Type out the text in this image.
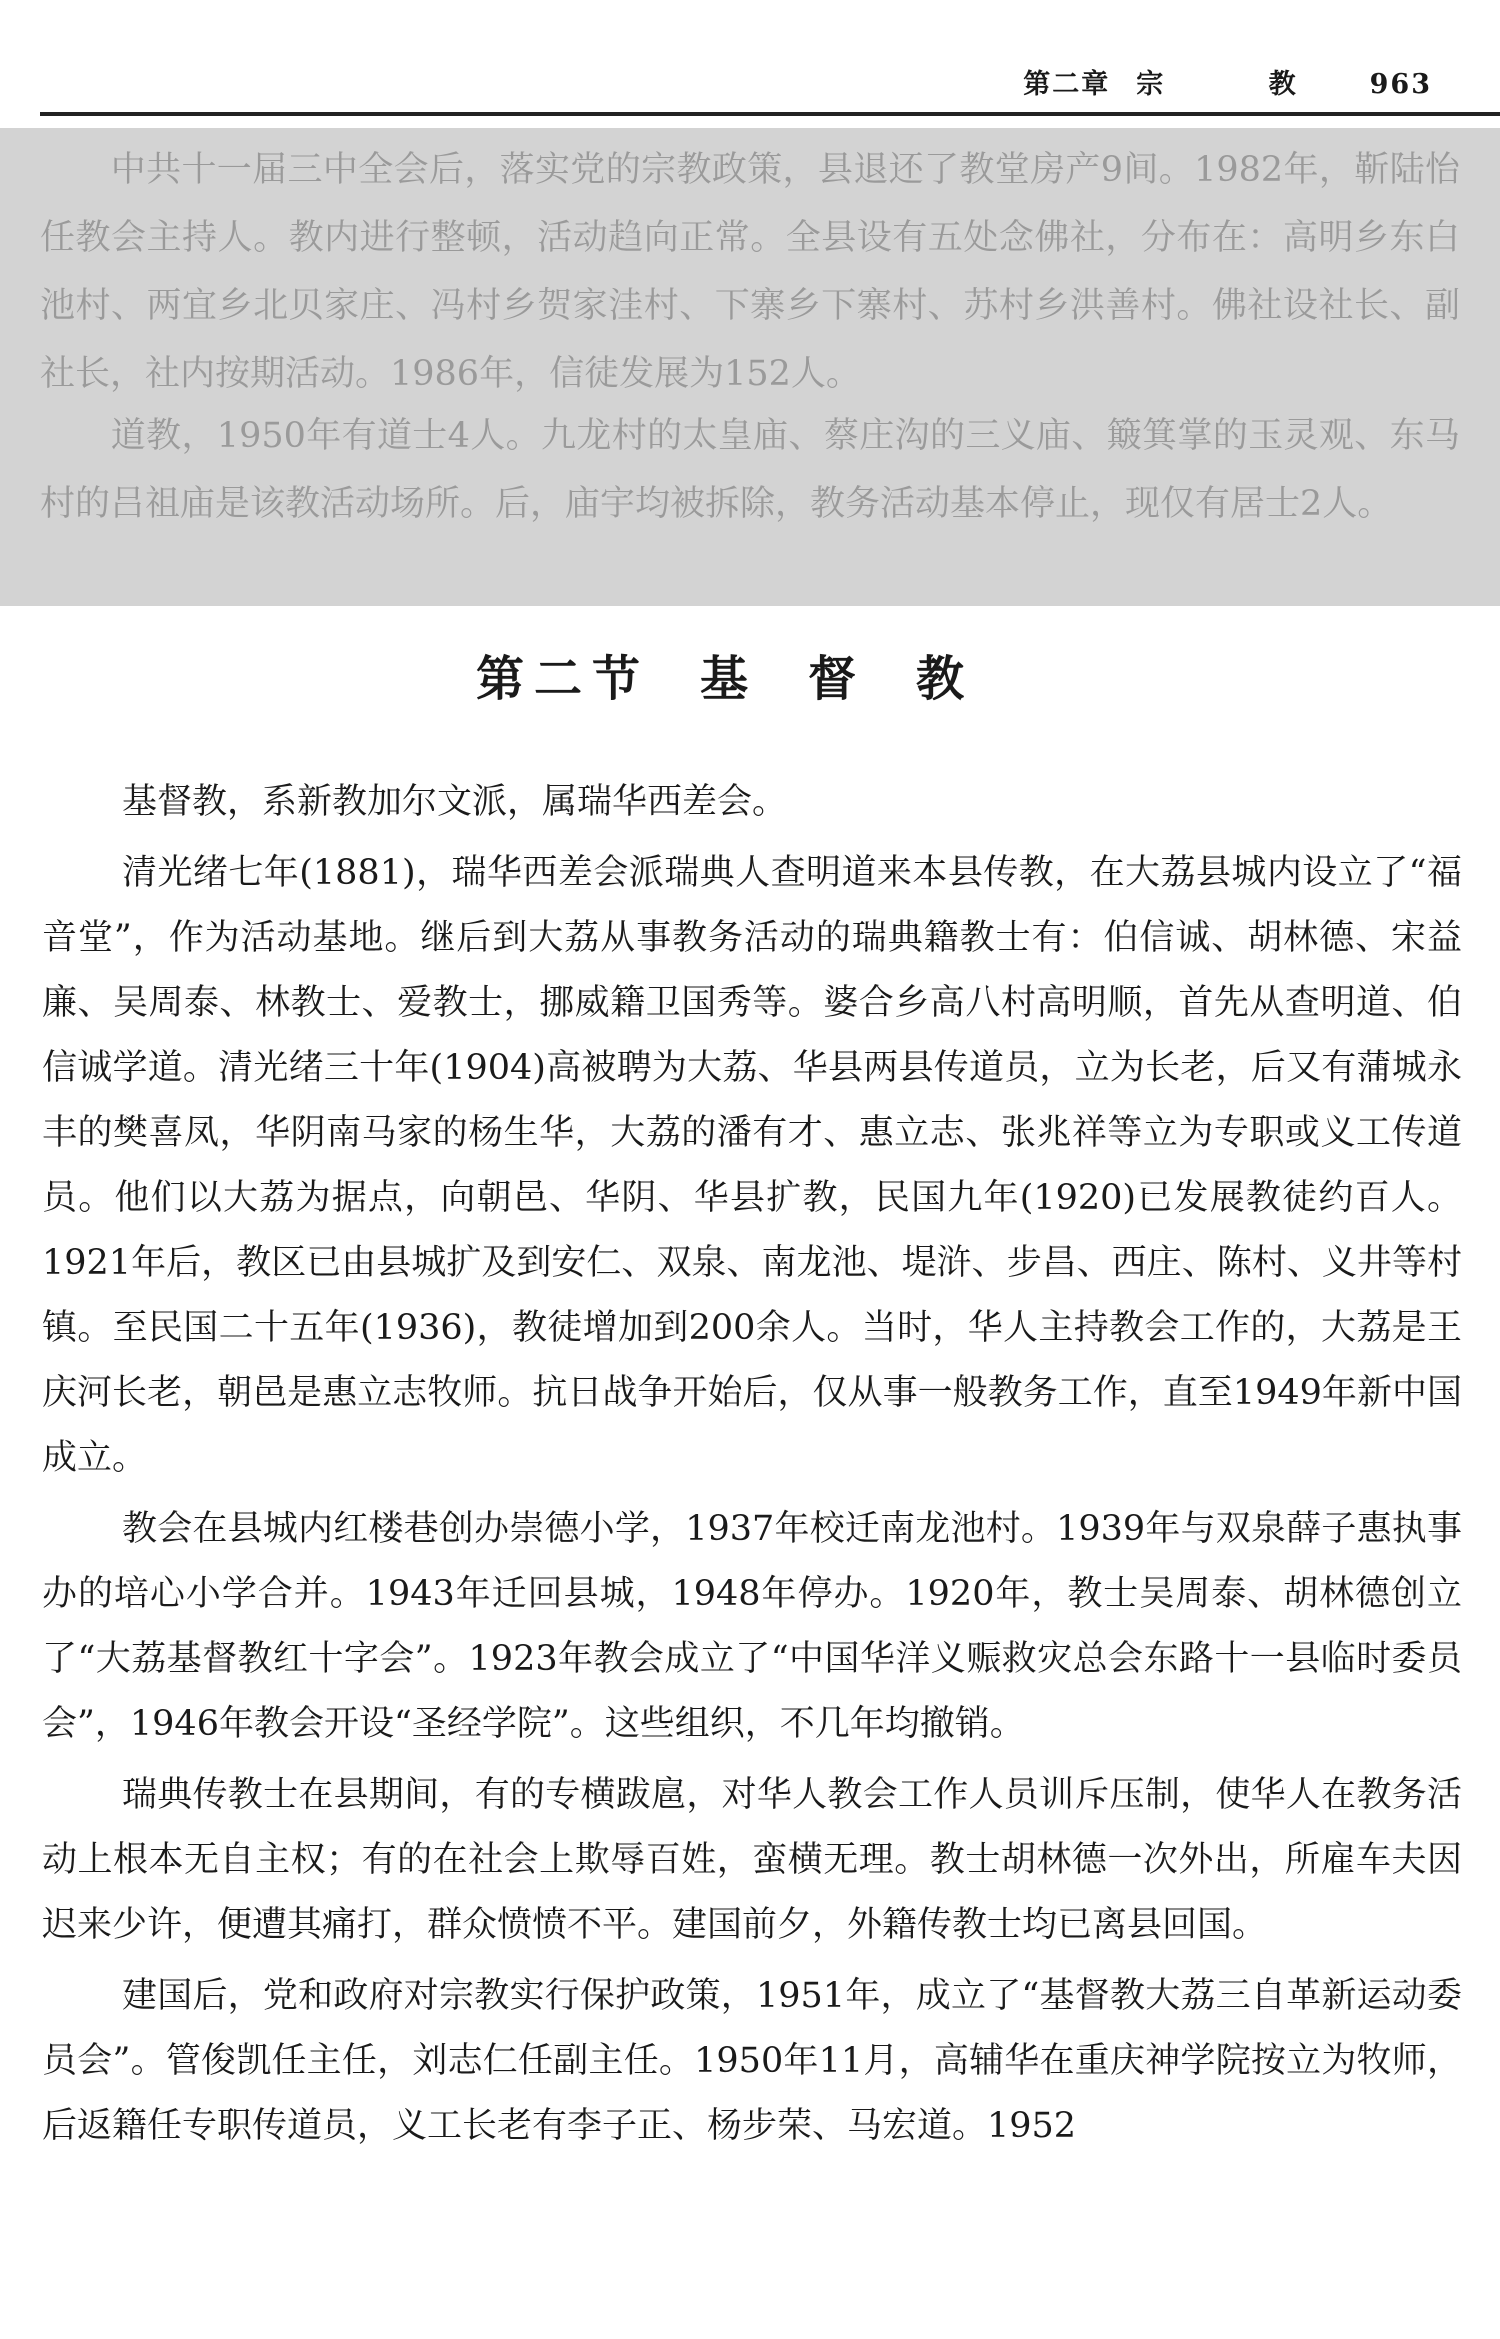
第二章 宗 教 963

　　中共十一届三中全会后，落实党的宗教政策，县退还了教堂房产9间。1982年，靳陆怡任教会主持人。教内进行整顿，活动趋向正常。全县设有五处念佛社，分布在：高明乡东白池村、两宜乡北贝家庄、冯村乡贺家洼村、下寨乡下寨村、苏村乡洪善村。佛社设社长、副社长，社内按期活动。1986年，信徒发展为152人。

　　道教，1950年有道士4人。九龙村的太皇庙、蔡庄沟的三义庙、簸箕掌的玉灵观、东马村的吕祖庙是该教活动场所。后，庙宇均被拆除，教务活动基本停止，现仅有居士2人。

第二节 基督教

基督教，系新教加尔文派，属瑞华西差会。

清光绪七年(1881)，瑞华西差会派瑞典人查明道来本县传教，在大荔县城内设立了“福音堂”，作为活动基地。继后到大荔从事教务活动的瑞典籍教士有：伯信诚、胡林德、宋益廉、吴周泰、林教士、爱教士，挪威籍卫国秀等。婆合乡高八村高明顺，首先从查明道、伯信诚学道。清光绪三十年(1904)高被聘为大荔、华县两县传道员，立为长老，后又有蒲城永丰的樊喜凤，华阴南马家的杨生华，大荔的潘有才、惠立志、张兆祥等立为专职或义工传道员。他们以大荔为据点，向朝邑、华阴、华县扩教，民国九年(1920)已发展教徒约百人。1921年后，教区已由县城扩及到安仁、双泉、南龙池、堤浒、步昌、西庄、陈村、义井等村镇。至民国二十五年(1936)，教徒增加到200余人。当时，华人主持教会工作的，大荔是王庆河长老，朝邑是惠立志牧师。抗日战争开始后，仅从事一般教务工作，直至1949年新中国成立。

教会在县城内红楼巷创办崇德小学，1937年校迁南龙池村。1939年与双泉薛子惠执事办的培心小学合并。1943年迁回县城，1948年停办。1920年，教士吴周泰、胡林德创立了“大荔基督教红十字会”。1923年教会成立了“中国华洋义赈救灾总会东路十一县临时委员会”，1946年教会开设“圣经学院”。这些组织，不几年均撤销。

瑞典传教士在县期间，有的专横跋扈，对华人教会工作人员训斥压制，使华人在教务活动上根本无自主权；有的在社会上欺辱百姓，蛮横无理。教士胡林德一次外出，所雇车夫因迟来少许，便遭其痛打，群众愤愤不平。建国前夕，外籍传教士均已离县回国。

建国后，党和政府对宗教实行保护政策，1951年，成立了“基督教大荔三自革新运动委员会”。管俊凯任主任，刘志仁任副主任。1950年11月，高辅华在重庆神学院按立为牧师，后返籍任专职传道员，义工长老有李子正、杨步荣、马宏道。1952
